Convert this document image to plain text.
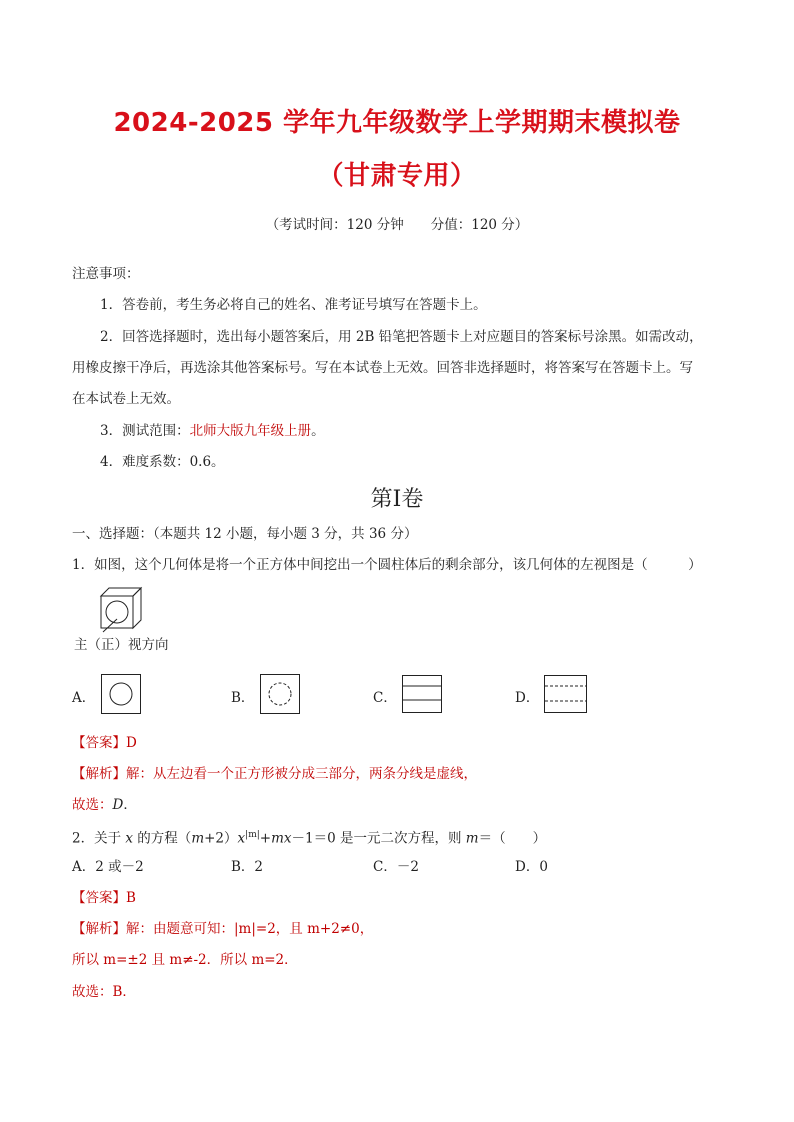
2024-2025 学年九年级数学上学期期末模拟卷
（甘肃专用）
（考试时间：120 分钟　　分值：120 分）
注意事项：
1．答卷前，考生务必将自己的姓名、准考证号填写在答题卡上。
2．回答选择题时，选出每小题答案后，用 2B 铅笔把答题卡上对应题目的答案标号涂黑。如需改动，
用橡皮擦干净后，再选涂其他答案标号。写在本试卷上无效。回答非选择题时，将答案写在答题卡上。写
在本试卷上无效。
3．测试范围：北师大版九年级上册。
4．难度系数：0.6。
第I卷
一、选择题：（本题共 12 小题，每小题 3 分，共 36 分）
1．如图，这个几何体是将一个正方体中间挖出一个圆柱体后的剩余部分，该几何体的左视图是（　　　）
主（正）视方向
A．	B．	C．	D．
【答案】D
【解析】解：从左边看一个正方形被分成三部分，两条分线是虚线，
故选：D．
2．关于 x 的方程$(m+2)x^{|m|}+mx-1=0$ 是一元二次方程，则 m＝（　　）
A．2 或－2	B．2	C．－2	D．0
【答案】B
【解析】解：由题意可知：|m|=2，且 m+2≠0，
所以 m=±2 且 m≠-2．所以 m=2．
故选：B．
